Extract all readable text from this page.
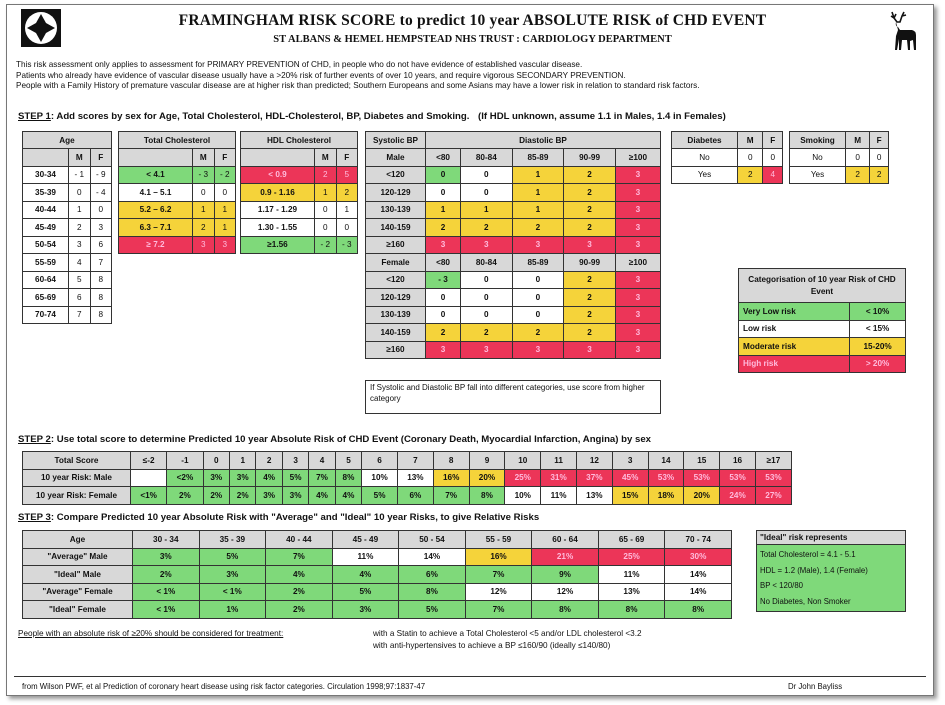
FRAMINGHAM RISK SCORE to predict 10 year ABSOLUTE RISK of CHD EVENT
ST ALBANS & HEMEL HEMPSTEAD NHS TRUST : CARDIOLOGY DEPARTMENT
This risk assessment only applies to assessment for PRIMARY PREVENTION of CHD, in people who do not have evidence of established vascular disease.
Patients who already have evidence of vascular disease usually have a >20% risk of further events of over 10 years, and require vigorous SECONDARY PREVENTION.
People with a Family History of premature vascular disease are at higher risk than predicted; Southern Europeans and some Asians may have a lower risk in relation to standard risk factors.
STEP 1: Add scores by sex for Age, Total Cholesterol, HDL-Cholesterol, BP, Diabetes and Smoking. (If HDL unknown, assume 1.1 in Males, 1.4 in Females)
Age		
	M	F
30-34	- 1	- 9
35-39	0	- 4
40-44	1	0
45-49	2	3
50-54	3	6
55-59	4	7
60-64	5	8
65-69	6	8
70-74	7	8
Total Cholesterol		
	M	F
< 4.1	- 3	- 2
4.1 – 5.1	0	0
5.2 – 6.2	1	1
6.3 – 7.1	2	1
≥ 7.2	3	3
HDL Cholesterol		
	M	F
< 0.9	2	5
0.9 - 1.16	1	2
1.17 - 1.29	0	1
1.30 - 1.55	0	0
≥1.56	- 2	- 3
Systolic BP	Diastolic BP				
Male	<80	80-84	85-89	90-99	≥100
<120	0	0	1	2	3
120-129	0	0	1	2	3
130-139	1	1	1	2	3
140-159	2	2	2	2	3
≥160	3	3	3	3	3
Female	<80	80-84	85-89	90-99	≥100
<120	- 3	0	0	2	3
120-129	0	0	0	2	3
130-139	0	0	0	2	3
140-159	2	2	2	2	3
≥160	3	3	3	3	3
If Systolic and Diastolic BP fall into different categories, use score from higher category
Diabetes	M	F
No	0	0
Yes	2	4
Smoking	M	F
No	0	0
Yes	2	2
Categorisation of 10 year Risk of CHD Event	
Very Low risk	< 10%
Low risk	< 15%
Moderate risk	15-20%
High risk	> 20%
STEP 2: Use total score to determine Predicted 10 year Absolute Risk of CHD Event (Coronary Death, Myocardial Infarction, Angina) by sex
Total Score	≤-2	-1	0	1	2	3	4	5	6	7	8	9	10	11	12	3	14	15	16	≥17
10 year Risk: Male		<2%	3%	3%	4%	5%	7%	8%	10%	13%	16%	20%	25%	31%	37%	45%	53%	53%	53%	53%
10 year Risk: Female	<1%	2%	2%	2%	3%	3%	4%	4%	5%	6%	7%	8%	10%	11%	13%	15%	18%	20%	24%	27%
STEP 3: Compare Predicted 10 year Absolute Risk with "Average" and "Ideal" 10 year Risks, to give Relative Risks
Age	30 - 34	35 - 39	40 - 44	45 - 49	50 - 54	55 - 59	60 - 64	65 - 69	70 - 74
"Average" Male	3%	5%	7%	11%	14%	16%	21%	25%	30%
"Ideal" Male	2%	3%	4%	4%	6%	7%	9%	11%	14%
"Average" Female	< 1%	< 1%	2%	5%	8%	12%	12%	13%	14%
"Ideal" Female	< 1%	1%	2%	3%	5%	7%	8%	8%	8%
"Ideal" risk represents
Total Cholesterol = 4.1 - 5.1
HDL = 1.2 (Male), 1.4 (Female)
BP < 120/80
No Diabetes, Non Smoker
People with an absolute risk of ≥20% should be considered for treatment:	with a Statin to achieve a Total Cholesterol <5 and/or LDL cholesterol <3.2
with anti-hypertensives to achieve a BP ≤160/90 (ideally ≤140/80)
from Wilson PWF, et al Prediction of coronary heart disease using risk factor categories. Circulation 1998;97:1837-47	Dr John Bayliss
